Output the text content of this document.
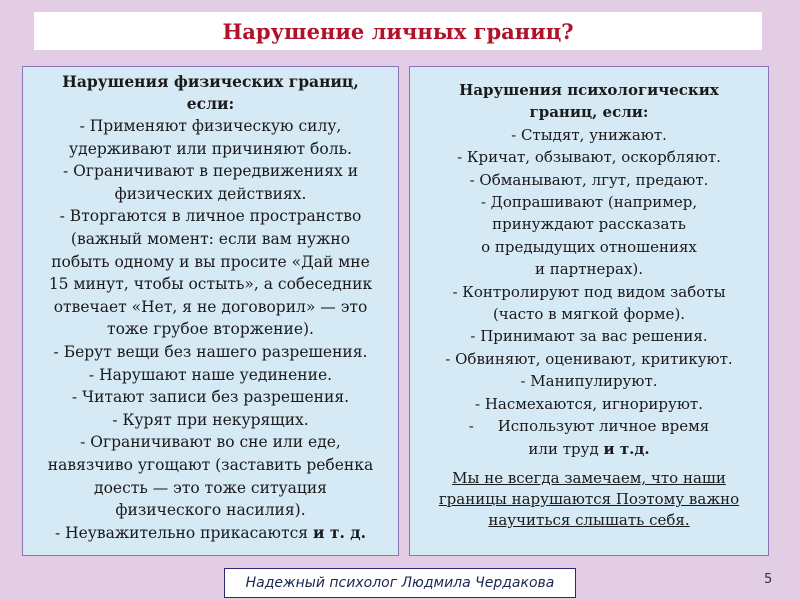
Нарушение личных границ?
Нарушения физических границ,
если:
- Применяют физическую силу,
удерживают или причиняют боль.
- Ограничивают в передвижениях и
физических действиях.
- Вторгаются в личное пространство
(важный момент: если вам нужно
побыть одному и вы просите «Дай мне
15 минут, чтобы остыть», а собеседник
отвечает «Нет, я не договорил» — это
тоже грубое вторжение).
- Берут вещи без нашего разрешения.
- Нарушают наше уединение.
- Читают записи без разрешения.
- Курят при некурящих.
- Ограничивают во сне или еде,
навязчиво угощают (заставить ребенка
доесть — это тоже ситуация
физического насилия).
- Неуважительно прикасаются и т. д.
Нарушения психологических
границ, если:
- Стыдят, унижают.
- Кричат, обзывают, оскорбляют.
- Обманывают, лгут, предают.
- Допрашивают (например,
принуждают рассказать
о предыдущих отношениях
и партнерах).
- Контролируют под видом заботы
(часто в мягкой форме).
- Принимают за вас решения.
- Обвиняют, оценивают, критикуют.
- Манипулируют.
- Насмехаются, игнорируют.
-     Используют личное время
или труд и т.д.
Мы не всегда замечаем, что наши
границы нарушаются Поэтому важно
научиться слышать себя.
Надежный психолог Людмила Чердакова	5
